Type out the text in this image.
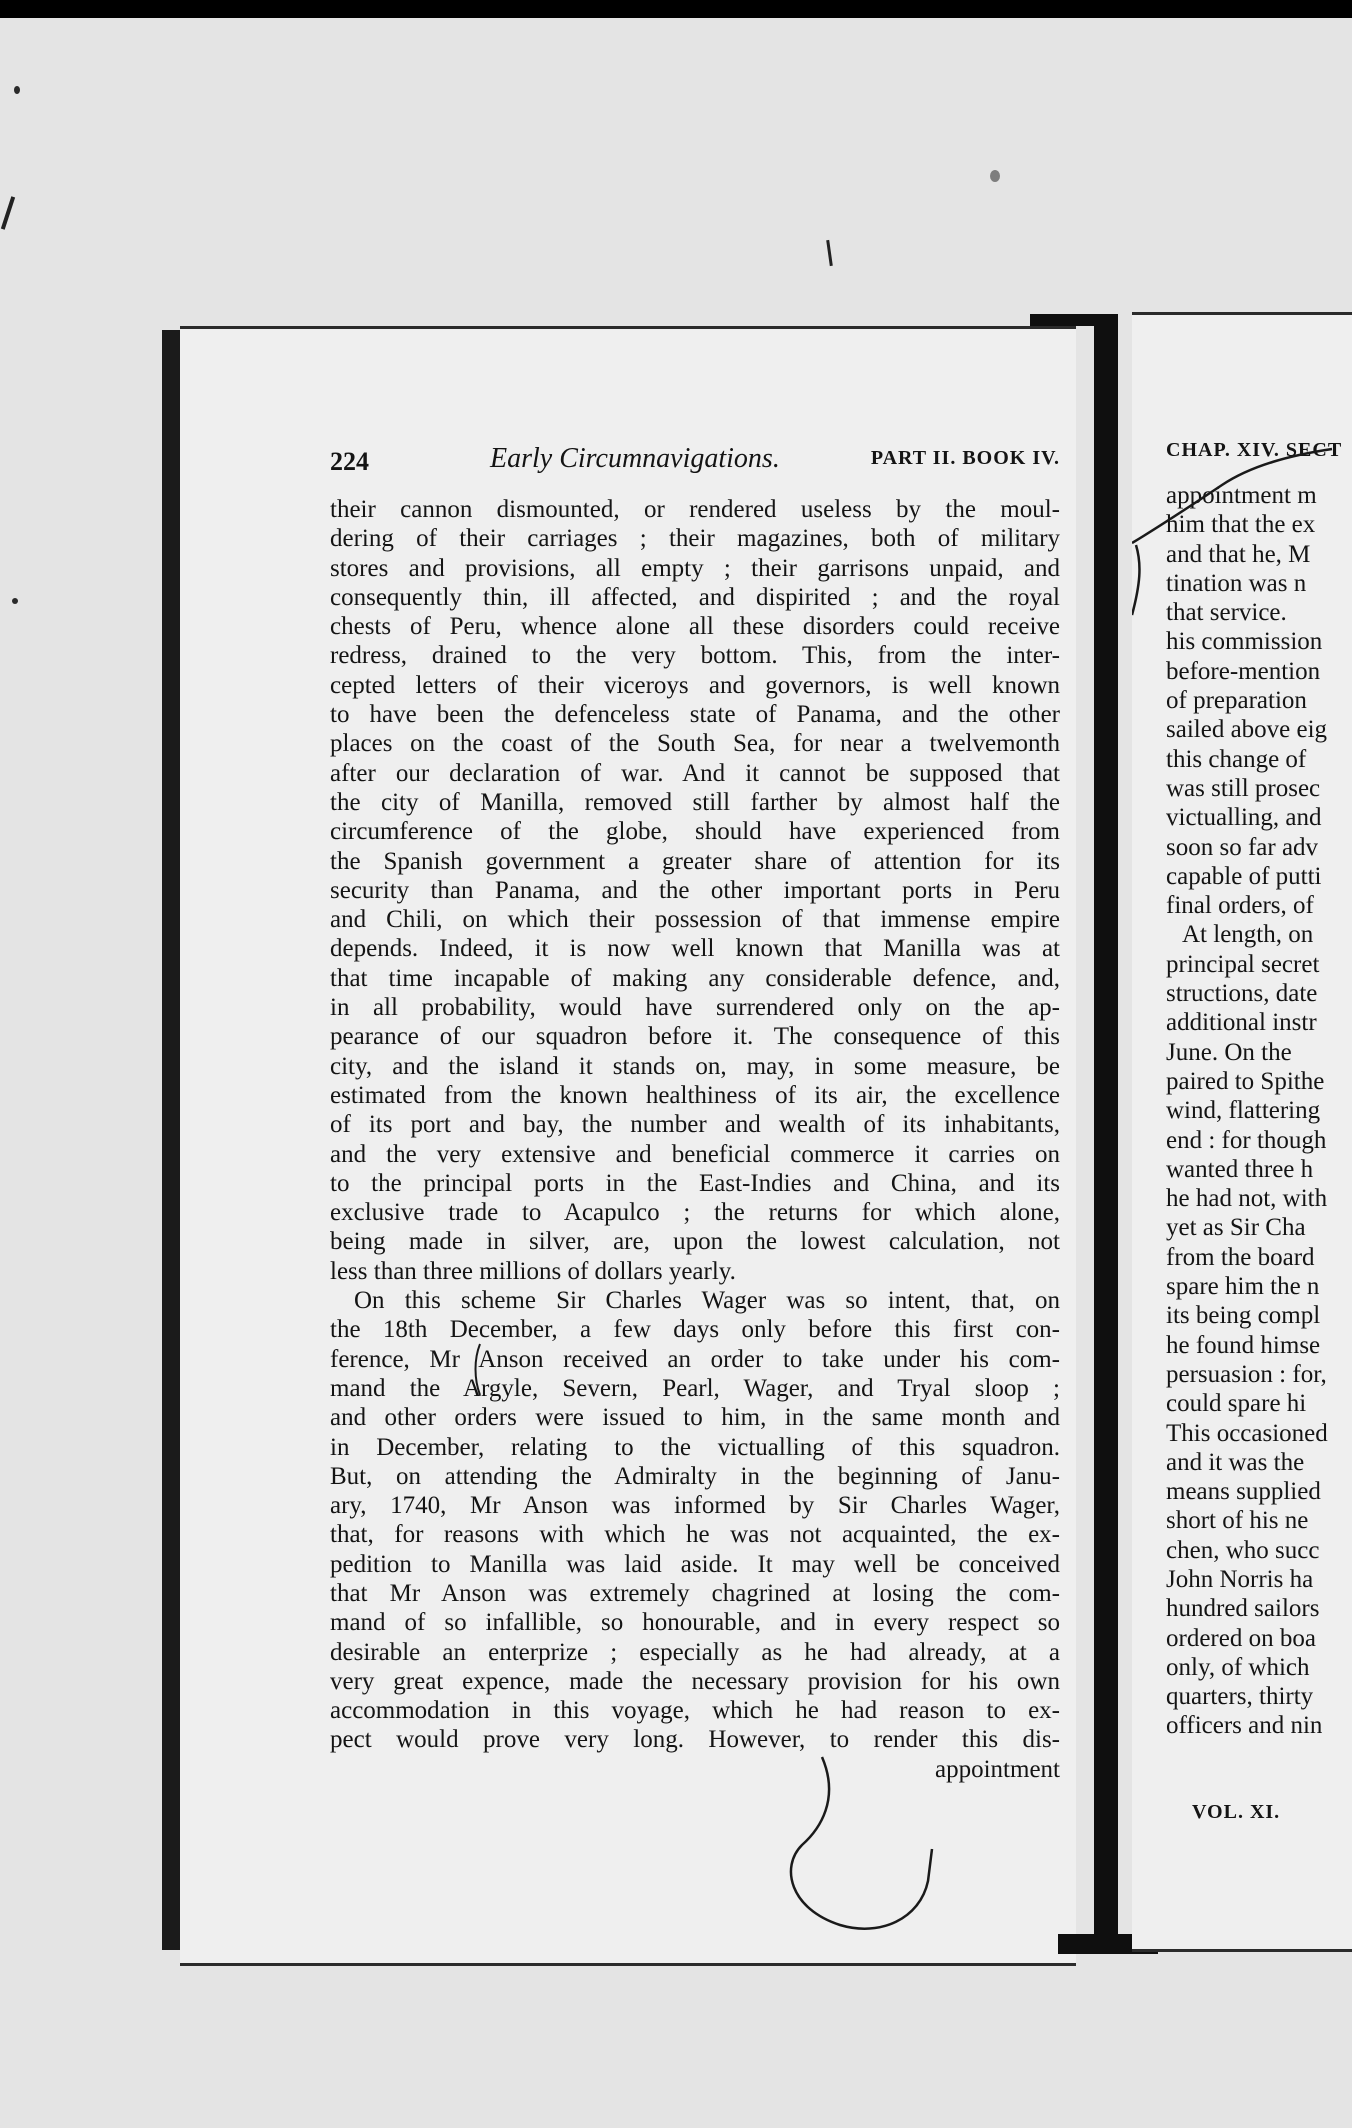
224	Early Circumnavigations.	PART II. BOOK IV.
their cannon dismounted, or rendered useless by the moul-
dering of their carriages ; their magazines, both of military
stores and provisions, all empty ; their garrisons unpaid, and
consequently thin, ill affected, and dispirited ; and the royal
chests of Peru, whence alone all these disorders could receive
redress, drained to the very bottom. This, from the inter-
cepted letters of their viceroys and governors, is well known
to have been the defenceless state of Panama, and the other
places on the coast of the South Sea, for near a twelvemonth
after our declaration of war. And it cannot be supposed that
the city of Manilla, removed still farther by almost half the
circumference of the globe, should have experienced from
the Spanish government a greater share of attention for its
security than Panama, and the other important ports in Peru
and Chili, on which their possession of that immense empire
depends. Indeed, it is now well known that Manilla was at
that time incapable of making any considerable defence, and,
in all probability, would have surrendered only on the ap-
pearance of our squadron before it. The consequence of this
city, and the island it stands on, may, in some measure, be
estimated from the known healthiness of its air, the excellence
of its port and bay, the number and wealth of its inhabitants,
and the very extensive and beneficial commerce it carries on
to the principal ports in the East-Indies and China, and its
exclusive trade to Acapulco ; the returns for which alone,
being made in silver, are, upon the lowest calculation, not
less than three millions of dollars yearly.
On this scheme Sir Charles Wager was so intent, that, on
the 18th December, a few days only before this first con-
ference, Mr Anson received an order to take under his com-
mand the Argyle, Severn, Pearl, Wager, and Tryal sloop ;
and other orders were issued to him, in the same month and
in December, relating to the victualling of this squadron.
But, on attending the Admiralty in the beginning of Janu-
ary, 1740, Mr Anson was informed by Sir Charles Wager,
that, for reasons with which he was not acquainted, the ex-
pedition to Manilla was laid aside. It may well be conceived
that Mr Anson was extremely chagrined at losing the com-
mand of so infallible, so honourable, and in every respect so
desirable an enterprize ; especially as he had already, at a
very great expence, made the necessary provision for his own
accommodation in this voyage, which he had reason to ex-
pect would prove very long. However, to render this dis-
appointment
CHAP. XIV. SECT
appointment m
him that the ex
and that he, M
tination was n
that service.
his commission
before-mention
of preparation
sailed above eig
this change of
was still prosec
victualling, and
soon so far adv
capable of putti
final orders, of
At length, on
principal secret
structions, date
additional instr
June. On the
paired to Spithe
wind, flattering
end : for though
wanted three h
he had not, with
yet as Sir Cha
from the board
spare him the n
its being compl
he found himse
persuasion : for,
could spare hi
This occasioned
and it was the
means supplied
short of his ne
chen, who succ
John Norris ha
hundred sailors
ordered on boa
only, of which
quarters, thirty
officers and nin
VOL. XI.
